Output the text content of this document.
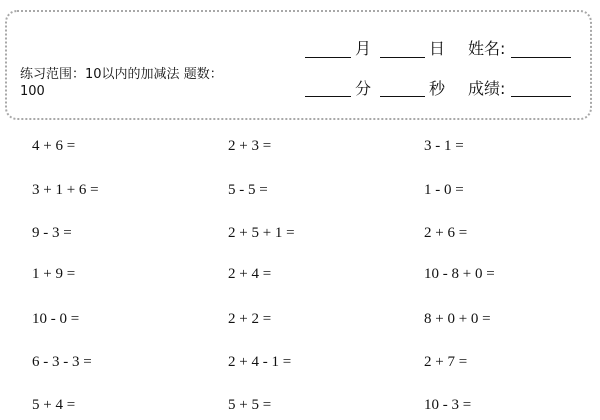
练习范围：10以内的加减法 题数：100
月	日 姓名:
分	秒 成绩:
4 + 6 =
3 + 1 + 6 =
9 - 3 =
1 + 9 =
10 - 0 =
6 - 3 - 3 =
5 + 4 =
2 + 3 =
5 - 5 =
2 + 5 + 1 =
2 + 4 =
2 + 2 =
2 + 4 - 1 =
5 + 5 =
3 - 1 =
1 - 0 =
2 + 6 =
10 - 8 + 0 =
8 + 0 + 0 =
2 + 7 =
10 - 3 =
